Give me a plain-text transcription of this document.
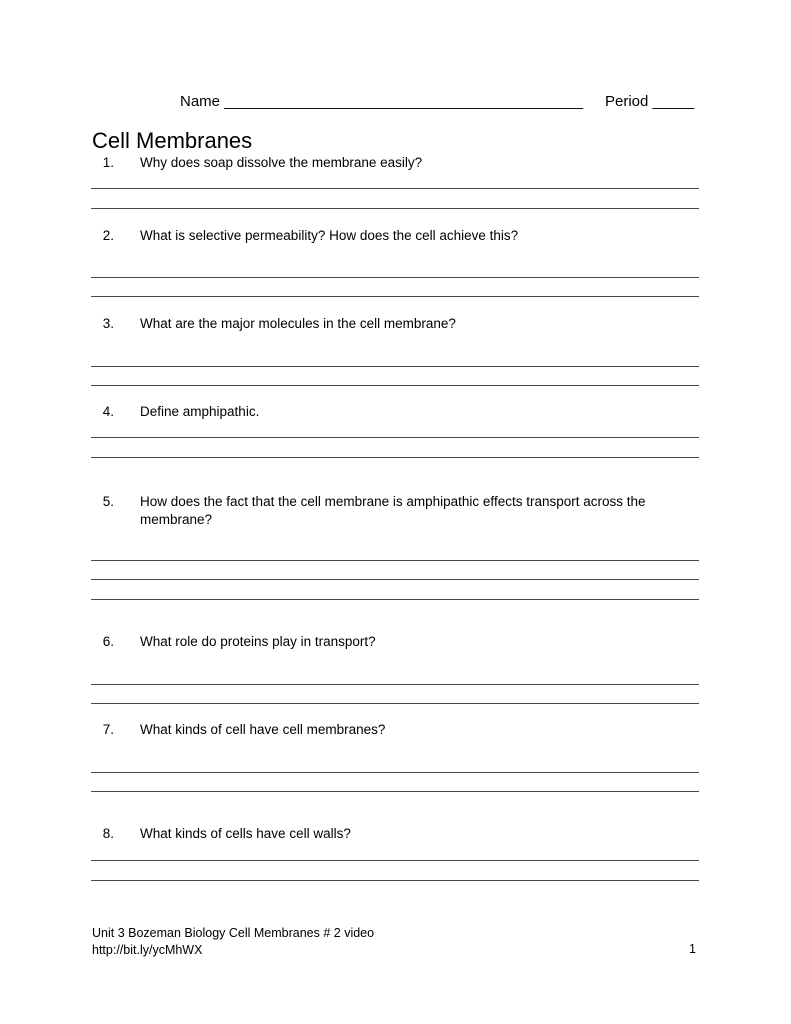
Name ___________________________________________ Period _____
Cell Membranes
1. Why does soap dissolve the membrane easily?
2. What is selective permeability? How does the cell achieve this?
3. What are the major molecules in the cell membrane?
4. Define amphipathic.
5. How does the fact that the cell membrane is amphipathic effects transport across the membrane?
6. What role do proteins play in transport?
7. What kinds of cell have cell membranes?
8. What kinds of cells have cell walls?
Unit 3 Bozeman Biology Cell Membranes # 2 video
http://bit.ly/ycMhWX	1
